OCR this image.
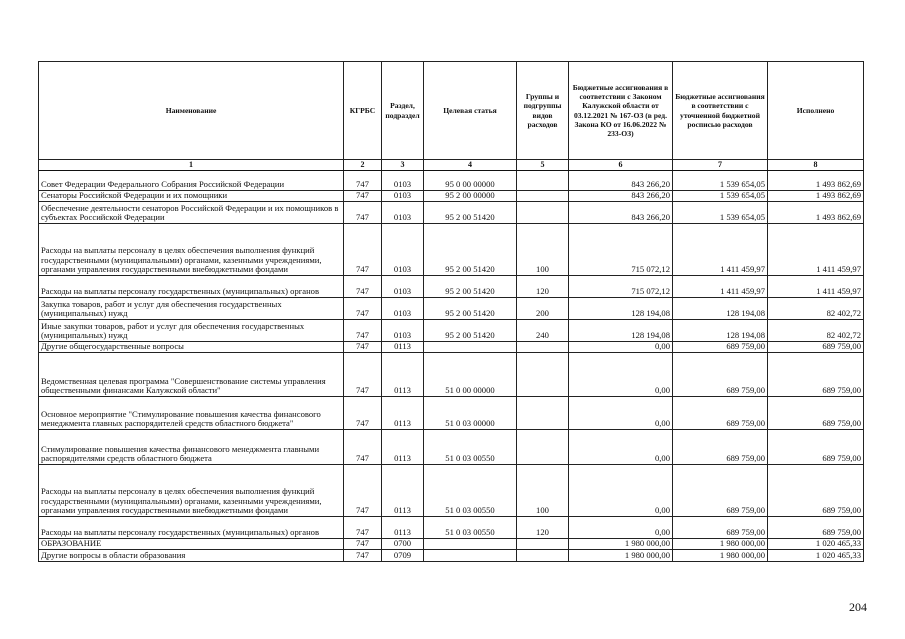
Наименование	КГРБС	Раздел, подраздел	Целевая статья	Группы и подгруппы видов расходов	Бюджетные ассигнования в соответствии с Законом Калужской области от 03.12.2021 № 167-ОЗ (в ред. Закона КО от 16.06.2022 № 233-ОЗ)	Бюджетные ассигнования в соответствии с уточненной бюджетной росписью расходов	Исполнено
1	2	3	4	5	6	7	8
Совет Федерации Федерального Собрания Российской Федерации	747	0103	95 0 00 00000		843 266,20	1 539 654,05	1 493 862,69
Сенаторы Российской Федерации и их помощники	747	0103	95 2 00 00000		843 266,20	1 539 654,05	1 493 862,69
Обеспечение деятельности сенаторов Российской Федерации и их помощников в субъектах Российской Федерации	747	0103	95 2 00 51420		843 266,20	1 539 654,05	1 493 862,69
Расходы на выплаты персоналу в целях обеспечения выполнения функций государственными (муниципальными) органами, казенными учреждениями, органами управления государственными внебюджетными фондами	747	0103	95 2 00 51420	100	715 072,12	1 411 459,97	1 411 459,97
Расходы на выплаты персоналу государственных (муниципальных) органов	747	0103	95 2 00 51420	120	715 072,12	1 411 459,97	1 411 459,97
Закупка товаров, работ и услуг для обеспечения государственных (муниципальных) нужд	747	0103	95 2 00 51420	200	128 194,08	128 194,08	82 402,72
Иные закупки товаров, работ и услуг для обеспечения государственных (муниципальных) нужд	747	0103	95 2 00 51420	240	128 194,08	128 194,08	82 402,72
Другие общегосударственные вопросы	747	0113			0,00	689 759,00	689 759,00
Ведомственная целевая программа "Совершенствование системы управления общественными финансами Калужской области"	747	0113	51 0 00 00000		0,00	689 759,00	689 759,00
Основное мероприятие "Стимулирование повышения качества финансового менеджмента главных распорядителей средств областного бюджета"	747	0113	51 0 03 00000		0,00	689 759,00	689 759,00
Стимулирование повышения качества финансового менеджмента главными распорядителями средств областного бюджета	747	0113	51 0 03 00550		0,00	689 759,00	689 759,00
Расходы на выплаты персоналу в целях обеспечения выполнения функций государственными (муниципальными) органами, казенными учреждениями, органами управления государственными внебюджетными фондами	747	0113	51 0 03 00550	100	0,00	689 759,00	689 759,00
Расходы на выплаты персоналу государственных (муниципальных) органов	747	0113	51 0 03 00550	120	0,00	689 759,00	689 759,00
ОБРАЗОВАНИЕ	747	0700			1 980 000,00	1 980 000,00	1 020 465,33
Другие вопросы в области образования	747	0709			1 980 000,00	1 980 000,00	1 020 465,33
204
